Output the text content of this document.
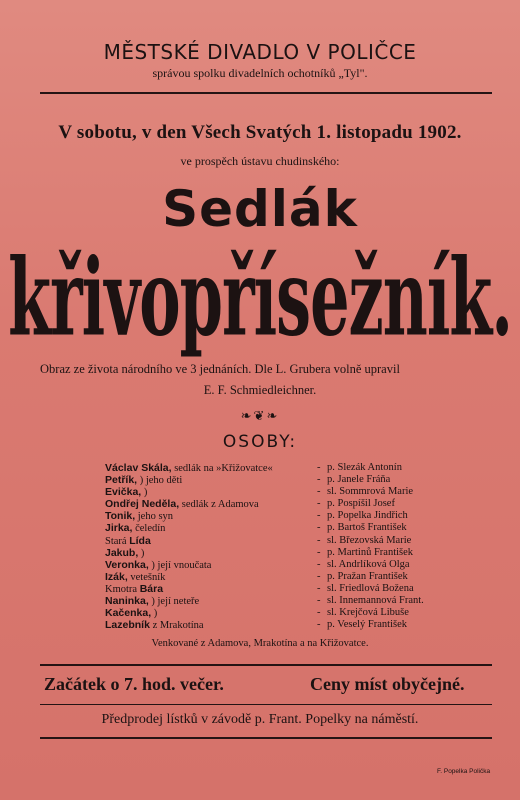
MĚSTSKÉ DIVADLO V POLIČCE
správou spolku divadelních ochotníků „Tyl".
V sobotu, v den Všech Svatých 1. listopadu 1902.
ve prospěch ústavu chudinského:
Sedlák
křivopřísežník.
Obraz ze života národního ve 3 jednáních. Dle L. Grubera volně upravil
E. F. Schmiedleichner.
❧❦❧
OSOBY:
Václav Skála, sedlák na »Křižovatce«	- p. Slezák Antonín
Petřík, ) jeho děti	- p. Janele Fráňa
Evička, )	- sl. Sommrová Marie
Ondřej Neděla, sedlák z Adamova	- p. Pospíšil Josef
Tonik, jeho syn	- p. Popelka Jindřich
Jirka, čeledín	- p. Bartoš František
Stará Lída	- sl. Březovská Marie
Jakub, )	- p. Martinů František
Veronka, ) její vnoučata	- sl. Andrlíková Olga
Izák, vetešník	- p. Pražan František
Kmotra Bára	- sl. Friedlová Božena
Naninka, ) její neteře	- sl. Innemannová Frant.
Kačenka, )	- sl. Krejčová Libuše
Lazebník z Mrakotína	- p. Veselý František
Venkované z Adamova, Mrakotína a na Křižovatce.
Začátek o 7. hod. večer.	Ceny míst obyčejné.
Předprodej lístků v závodě p. Frant. Popelky na náměstí.
F. Popelka Polička
